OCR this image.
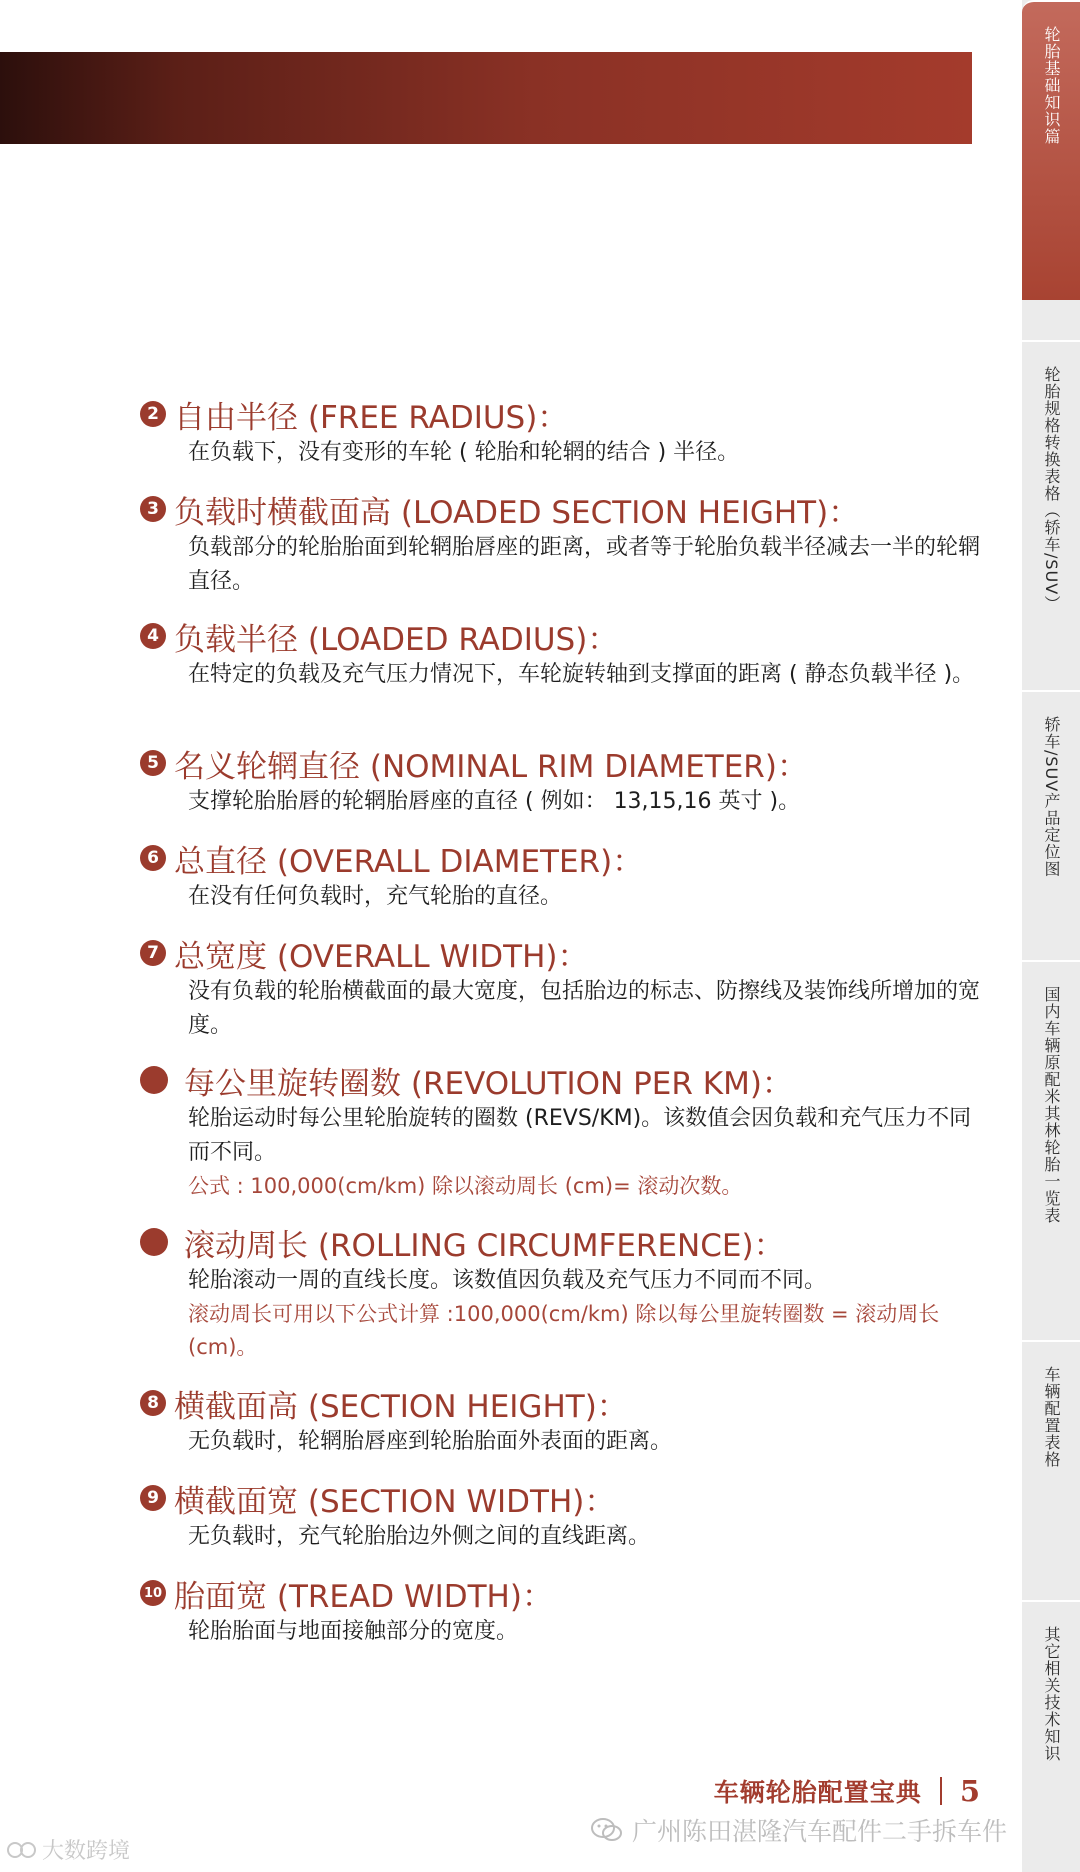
轮胎基础知识篇
轮胎规格转换表格（轿车/SUV）
轿车/SUV产品定位图
国内车辆原配米其林轮胎一览表
车辆配置表格
其它相关技术知识
2 自由半径 (FREE RADIUS)：
在负载下，没有变形的车轮 ( 轮胎和轮辋的结合 ) 半径。
3 负载时横截面高 (LOADED SECTION HEIGHT)：
负载部分的轮胎胎面到轮辋胎唇座的距离，或者等于轮胎负载半径减去一半的轮辋直径。
4 负载半径 (LOADED RADIUS)：
在特定的负载及充气压力情况下，车轮旋转轴到支撑面的距离 ( 静态负载半径 )。
5 名义轮辋直径 (NOMINAL RIM DIAMETER)：
支撑轮胎胎唇的轮辋胎唇座的直径 ( 例如： 13,15,16 英寸 )。
6 总直径 (OVERALL DIAMETER)：
在没有任何负载时，充气轮胎的直径。
7 总宽度 (OVERALL WIDTH)：
没有负载的轮胎横截面的最大宽度，包括胎边的标志、防擦线及装饰线所增加的宽度。
每公里旋转圈数 (REVOLUTION PER KM)：
轮胎运动时每公里轮胎旋转的圈数 (REVS/KM)。该数值会因负载和充气压力不同而不同。
公式 : 100,000(cm/km) 除以滚动周长 (cm)= 滚动次数。
滚动周长 (ROLLING CIRCUMFERENCE)：
轮胎滚动一周的直线长度。该数值因负载及充气压力不同而不同。
滚动周长可用以下公式计算 :100,000(cm/km) 除以每公里旋转圈数 = 滚动周长 (cm)。
8 横截面高 (SECTION HEIGHT)：
无负载时，轮辋胎唇座到轮胎胎面外表面的距离。
9 横截面宽 (SECTION WIDTH)：
无负载时，充气轮胎胎边外侧之间的直线距离。
10 胎面宽 (TREAD WIDTH)：
轮胎胎面与地面接触部分的宽度。
车辆轮胎配置宝典 5
广州陈田湛隆汽车配件二手拆车件
大数跨境
